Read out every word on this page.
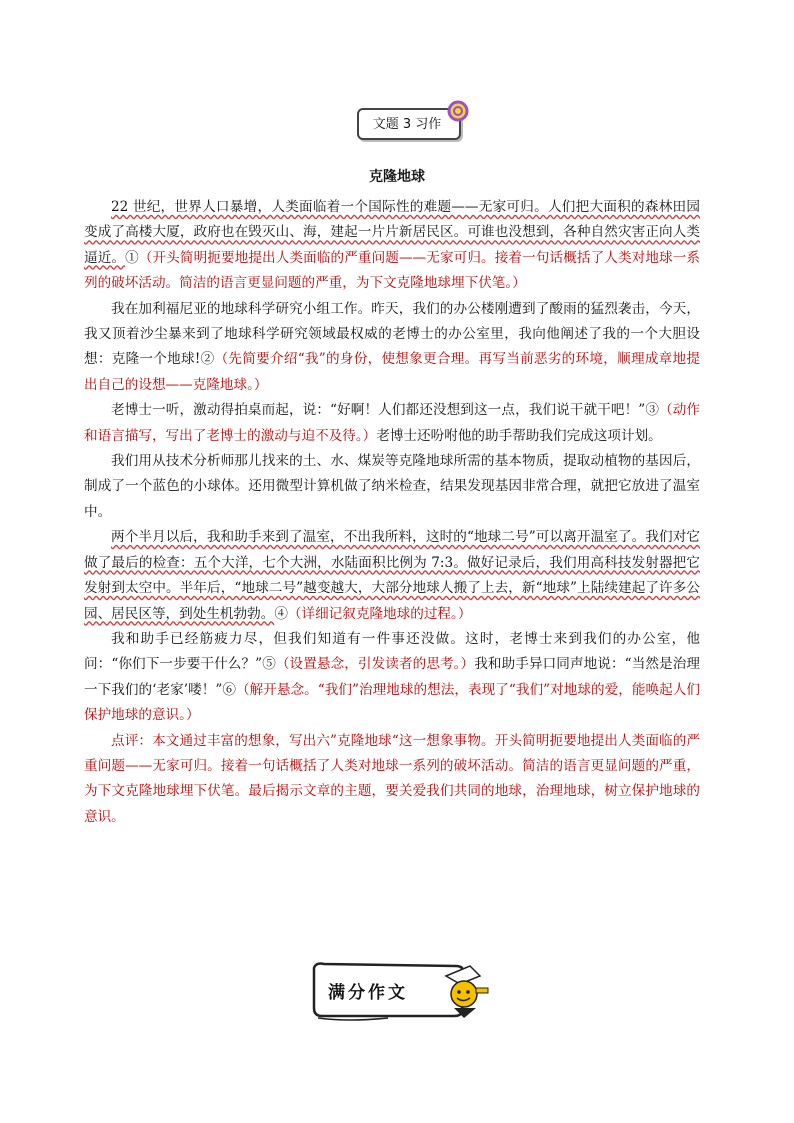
文题 3 习作
克隆地球

22 世纪，世界人口暴增，人类面临着一个国际性的难题——无家可归。人们把大面积的森林田园变成了高楼大厦，政府也在毁灭山、海，建起一片片新居民区。可谁也没想到，各种自然灾害正向人类逼近。①（开头简明扼要地提出人类面临的严重问题——无家可归。接着一句话概括了人类对地球一系列的破坏活动。简洁的语言更显问题的严重，为下文克隆地球埋下伏笔。）

我在加利福尼亚的地球科学研究小组工作。昨天，我们的办公楼刚遭到了酸雨的猛烈袭击，今天，我又顶着沙尘暴来到了地球科学研究领域最权威的老博士的办公室里，我向他阐述了我的一个大胆设想：克隆一个地球!②（先简要介绍“我”的身份，使想象更合理。再写当前恶劣的环境，顺理成章地提出自己的设想——克隆地球。）

老博士一听，激动得拍桌而起，说：“好啊！人们都还没想到这一点，我们说干就干吧！”③（动作和语言描写，写出了老博士的激动与迫不及待。）老博士还吩咐他的助手帮助我们完成这项计划。

我们用从技术分析师那儿找来的土、水、煤炭等克隆地球所需的基本物质，提取动植物的基因后，制成了一个蓝色的小球体。还用微型计算机做了纳米检查，结果发现基因非常合理，就把它放进了温室中。

两个半月以后，我和助手来到了温室，不出我所料，这时的“地球二号”可以离开温室了。我们对它做了最后的检查：五个大洋，七个大洲，水陆面积比例为 7:3。做好记录后，我们用高科技发射器把它发射到太空中。半年后，“地球二号”越变越大，大部分地球人搬了上去，新“地球”上陆续建起了许多公园、居民区等，到处生机勃勃。④（详细记叙克隆地球的过程。）

我和助手已经筋疲力尽，但我们知道有一件事还没做。这时，老博士来到我们的办公室，他问：“你们下一步要干什么？”⑤（设置悬念，引发读者的思考。）我和助手异口同声地说：“当然是治理一下我们的‘老家’喽！”⑥（解开悬念。“我们”治理地球的想法，表现了“我们”对地球的爱，能唤起人们保护地球的意识。）

点评：本文通过丰富的想象，写出六”克隆地球“这一想象事物。开头简明扼要地提出人类面临的严重问题——无家可归。接着一句话概括了人类对地球一系列的破坏活动。简洁的语言更显问题的严重，为下文克隆地球埋下伏笔。最后揭示文章的主题，要关爱我们共同的地球，治理地球，树立保护地球的意识。

满分作文
